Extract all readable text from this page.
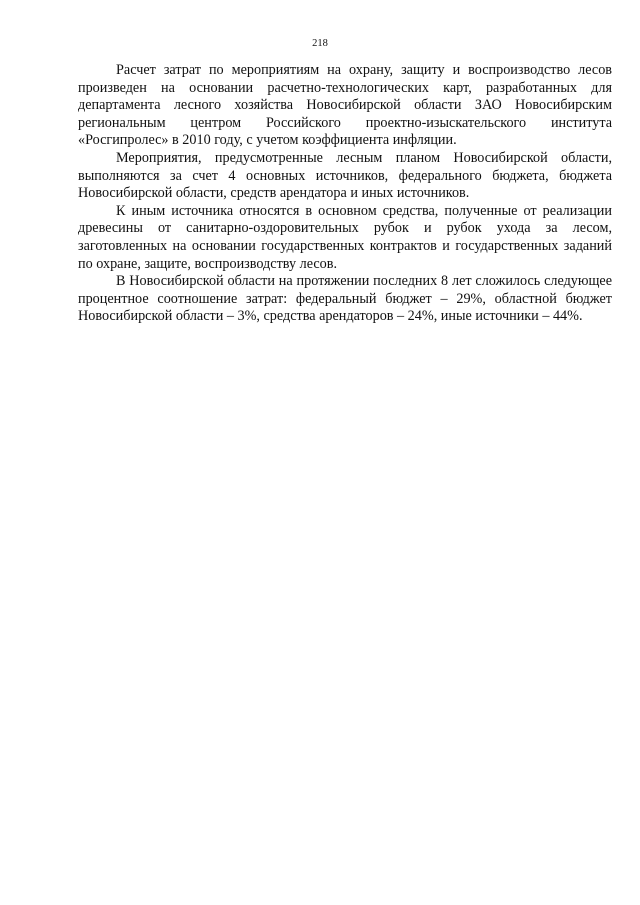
218

Расчет затрат по мероприятиям на охрану, защиту и воспроизводство лесов произведен на основании расчетно-технологических карт, разработанных для департамента лесного хозяйства Новосибирской области ЗАО Новосибирским региональным центром Российского проектно-изыскательского института «Росгипролес» в 2010 году, с учетом коэффициента инфляции.

Мероприятия, предусмотренные лесным планом Новосибирской области, выполняются за счет 4 основных источников, федерального бюджета, бюджета Новосибирской области, средств арендатора и иных источников.

К иным источника относятся в основном средства, полученные от реализации древесины от санитарно-оздоровительных рубок и рубок ухода за лесом, заготовленных на основании государственных контрактов и государственных заданий по охране, защите, воспроизводству лесов.

В Новосибирской области на протяжении последних 8 лет сложилось следующее процентное соотношение затрат: федеральный бюджет – 29%, областной бюджет Новосибирской области – 3%, средства арендаторов – 24%, иные источники – 44%.
